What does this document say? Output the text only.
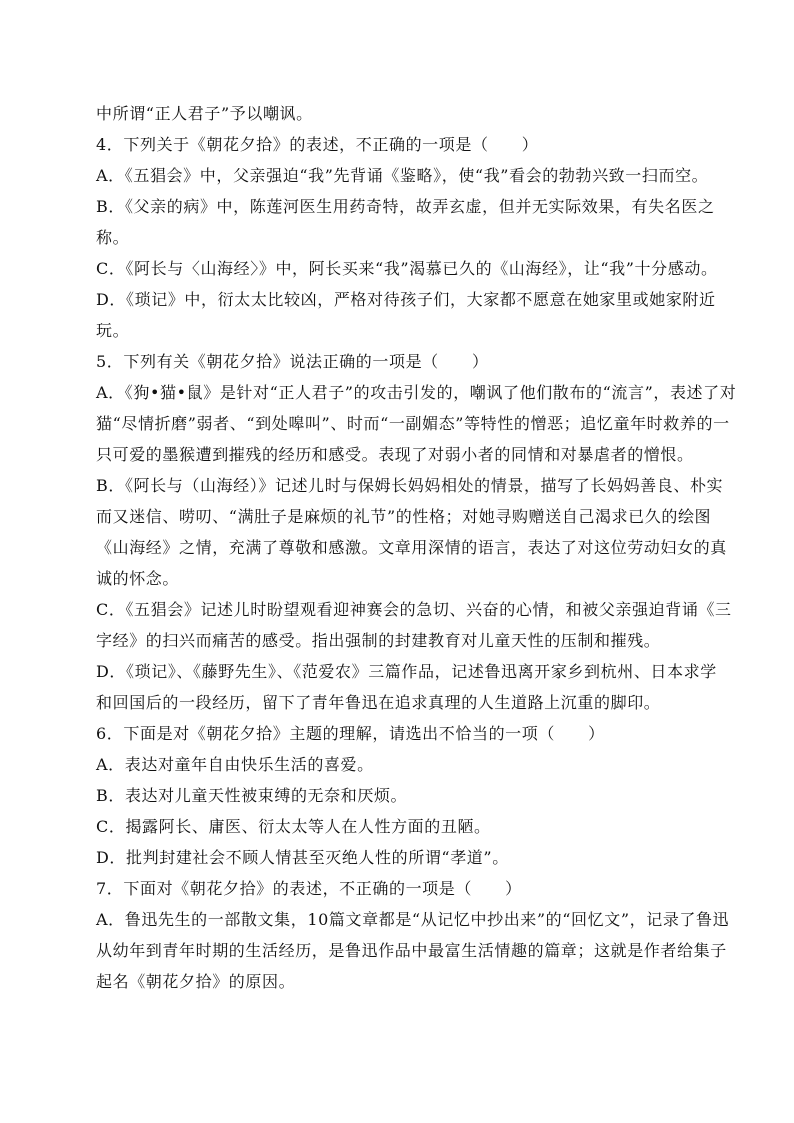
中所谓“正人君子”予以嘲讽。
4．下列关于《朝花夕拾》的表述，不正确的一项是（　　）
A．《五猖会》中，父亲强迫“我”先背诵《鉴略》，使“我”看会的勃勃兴致一扫而空。
B．《父亲的病》中，陈莲河医生用药奇特，故弄玄虚，但并无实际效果，有失名医之
称。
C．《阿长与〈山海经〉》中，阿长买来“我”渴慕已久的《山海经》，让“我”十分感动。
D．《琐记》中，衍太太比较凶，严格对待孩子们，大家都不愿意在她家里或她家附近
玩。
5．下列有关《朝花夕拾》说法正确的一项是（　　）
A．《狗•猫•鼠》是针对“正人君子”的攻击引发的，嘲讽了他们散布的“流言”，表述了对
猫“尽情折磨”弱者、“到处嗥叫”、时而“一副媚态”等特性的憎恶；追忆童年时救养的一
只可爱的墨猴遭到摧残的经历和感受。表现了对弱小者的同情和对暴虐者的憎恨。
B．《阿长与（山海经）》记述儿时与保姆长妈妈相处的情景，描写了长妈妈善良、朴实
而又迷信、唠叨、“满肚子是麻烦的礼节”的性格；对她寻购赠送自己渴求已久的绘图
《山海经》之情，充满了尊敬和感激。文章用深情的语言，表达了对这位劳动妇女的真
诚的怀念。
C．《五猖会》记述儿时盼望观看迎神赛会的急切、兴奋的心情，和被父亲强迫背诵《三
字经》的扫兴而痛苦的感受。指出强制的封建教育对儿童天性的压制和摧残。
D．《琐记》、《藤野先生》、《范爱农》三篇作品，记述鲁迅离开家乡到杭州、日本求学
和回国后的一段经历，留下了青年鲁迅在追求真理的人生道路上沉重的脚印。
6．下面是对《朝花夕拾》主题的理解，请选出不恰当的一项（　　）
A．表达对童年自由快乐生活的喜爱。
B．表达对儿童天性被束缚的无奈和厌烦。
C．揭露阿长、庸医、衍太太等人在人性方面的丑陋。
D．批判封建社会不顾人情甚至灭绝人性的所谓“孝道”。
7．下面对《朝花夕拾》的表述，不正确的一项是（　　）
A．鲁迅先生的一部散文集，10篇文章都是“从记忆中抄出来”的“回忆文”，记录了鲁迅
从幼年到青年时期的生活经历，是鲁迅作品中最富生活情趣的篇章；这就是作者给集子
起名《朝花夕拾》的原因。
